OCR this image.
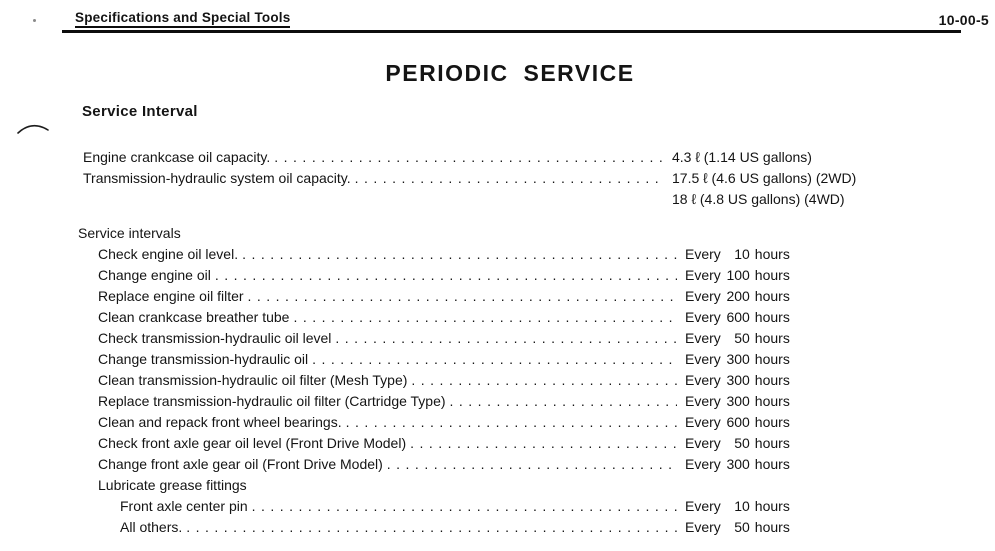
Specifications and Special Tools	10-00-5
PERIODIC SERVICE
Service Interval
Engine crankcase oil capacity. . . .	4.3 ℓ (1.14 US gallons)
Transmission-hydraulic system oil capacity. . . .	17.5 ℓ (4.6 US gallons) (2WD)
18 ℓ (4.8 US gallons) (4WD)
Service intervals
Check engine oil level. . . .	Every 10 hours
Change engine oil . . .	Every 100 hours
Replace engine oil filter . . .	Every 200 hours
Clean crankcase breather tube . . .	Every 600 hours
Check transmission-hydraulic oil level . . .	Every 50 hours
Change transmission-hydraulic oil . . .	Every 300 hours
Clean transmission-hydraulic oil filter (Mesh Type) . . .	Every 300 hours
Replace transmission-hydraulic oil filter (Cartridge Type) . . .	Every 300 hours
Clean and repack front wheel bearings. . . .	Every 600 hours
Check front axle gear oil level (Front Drive Model) . . .	Every 50 hours
Change front axle gear oil (Front Drive Model) . . .	Every 300 hours
Lubricate grease fittings
Front axle center pin . . .	Every 10 hours
All others. . . .	Every 50 hours
